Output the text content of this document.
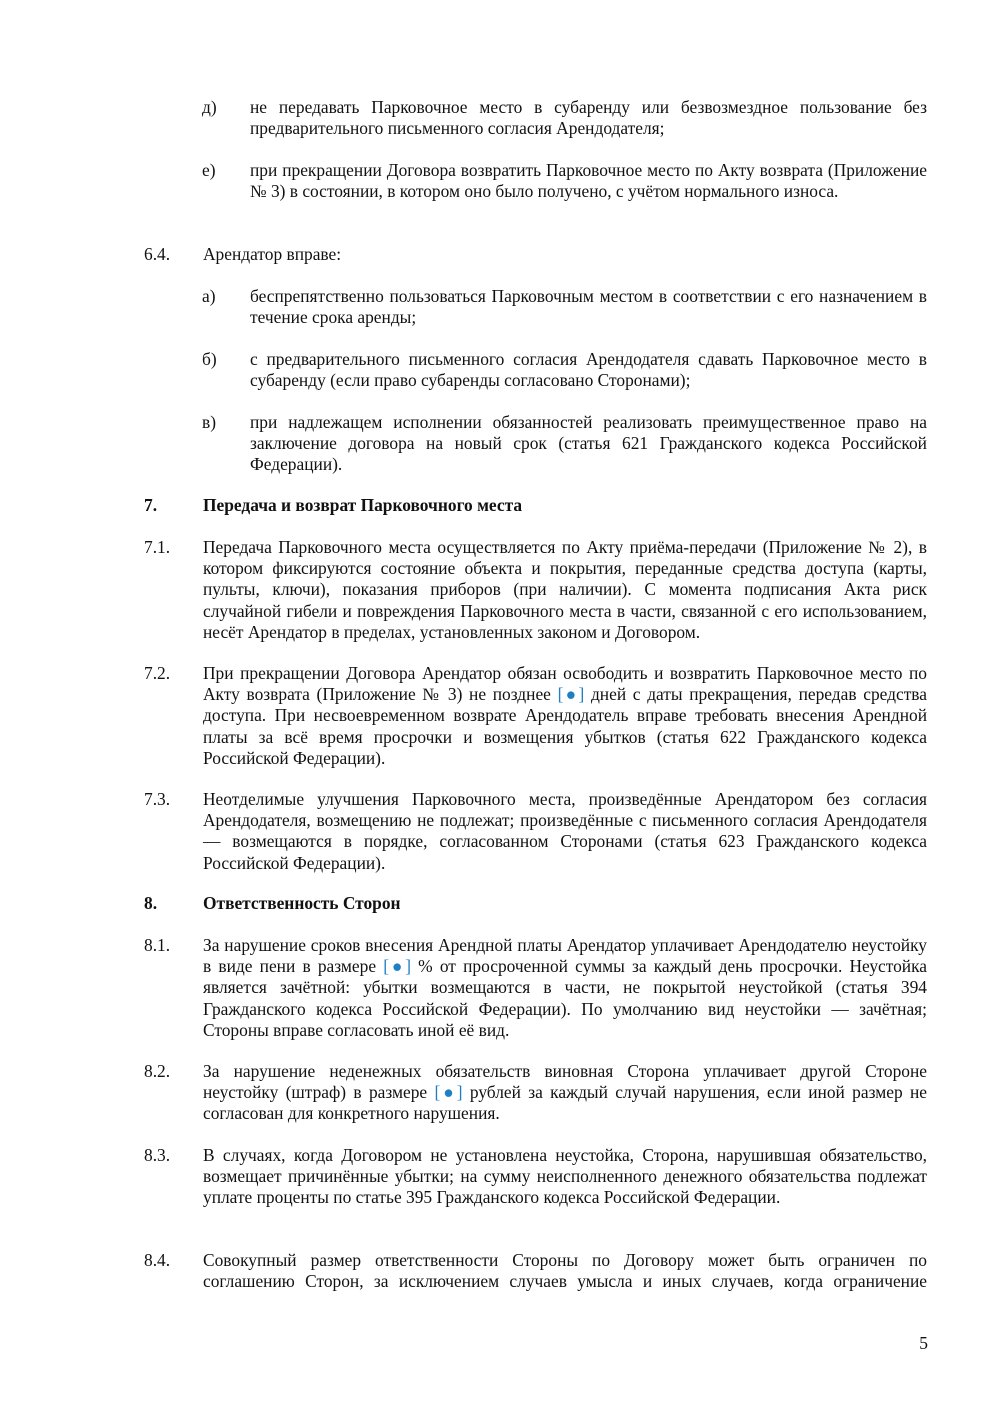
д) не передавать Парковочное место в субаренду или безвозмездное пользование без предварительного письменного согласия Арендодателя;
е) при прекращении Договора возвратить Парковочное место по Акту возврата (Приложение № 3) в состоянии, в котором оно было получено, с учётом нормального износа.
6.4. Арендатор вправе:
а) беспрепятственно пользоваться Парковочным местом в соответствии с его назначением в течение срока аренды;
б) с предварительного письменного согласия Арендодателя сдавать Парковочное место в субаренду (если право субаренды согласовано Сторонами);
в) при надлежащем исполнении обязанностей реализовать преимущественное право на заключение договора на новый срок (статья 621 Гражданского кодекса Российской Федерации).
7.	Передача и возврат Парковочного места
7.1. Передача Парковочного места осуществляется по Акту приёма-передачи (Приложение № 2), в котором фиксируются состояние объекта и покрытия, переданные средства доступа (карты, пульты, ключи), показания приборов (при наличии). С момента подписания Акта риск случайной гибели и повреждения Парковочного места в части, связанной с его использованием, несёт Арендатор в пределах, установленных законом и Договором.
7.2. При прекращении Договора Арендатор обязан освободить и возвратить Парковочное место по Акту возврата (Приложение № 3) не позднее [●] дней с даты прекращения, передав средства доступа. При несвоевременном возврате Арендодатель вправе требовать внесения Арендной платы за всё время просрочки и возмещения убытков (статья 622 Гражданского кодекса Российской Федерации).
7.3. Неотделимые улучшения Парковочного места, произведённые Арендатором без согласия Арендодателя, возмещению не подлежат; произведённые с письменного согласия Арендодателя — возмещаются в порядке, согласованном Сторонами (статья 623 Гражданского кодекса Российской Федерации).
8.	Ответственность Сторон
8.1. За нарушение сроков внесения Арендной платы Арендатор уплачивает Арендодателю неустойку в виде пени в размере [●] % от просроченной суммы за каждый день просрочки. Неустойка является зачётной: убытки возмещаются в части, не покрытой неустойкой (статья 394 Гражданского кодекса Российской Федерации). По умолчанию вид неустойки — зачётная; Стороны вправе согласовать иной её вид.
8.2. За нарушение неденежных обязательств виновная Сторона уплачивает другой Стороне неустойку (штраф) в размере [●] рублей за каждый случай нарушения, если иной размер не согласован для конкретного нарушения.
8.3. В случаях, когда Договором не установлена неустойка, Сторона, нарушившая обязательство, возмещает причинённые убытки; на сумму неисполненного денежного обязательства подлежат уплате проценты по статье 395 Гражданского кодекса Российской Федерации.
8.4. Совокупный размер ответственности Стороны по Договору может быть ограничен по соглашению Сторон, за исключением случаев умысла и иных случаев, когда ограничение
5
